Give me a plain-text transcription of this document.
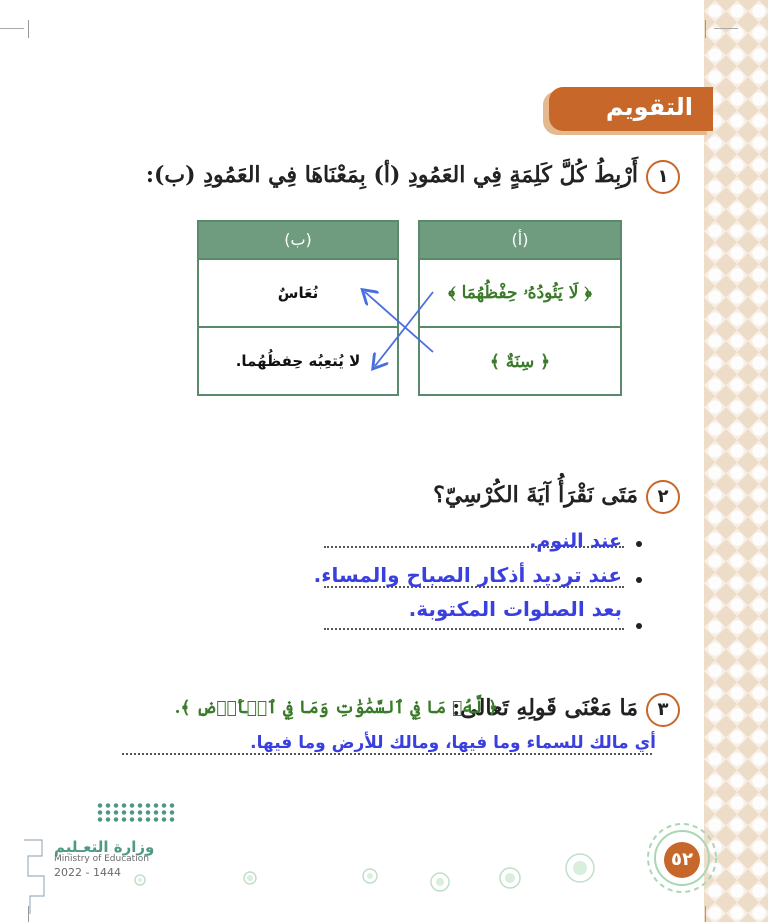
التقويم
١
أَرْبِطُ كُلَّ كَلِمَةٍ فِي العَمُودِ (أ) بِمَعْنَاهَا فِي العَمُودِ (ب):
(أ)
﴿ لَا يَئُودُهُۥ حِفْظُهُمَا ﴾
﴿ سِنَةٌ ﴾
(ب)
نُعَاسٌ
لا يُتعِبُه حِفظُهُما.
٢
مَتَى نَقْرَأُ آيَةَ الكُرْسِيّ؟
عند النوم.
عند ترديد أذكار الصباح والمساء.
بعد الصلوات المكتوبة.
٣
مَا مَعْنَى قَولِهِ تَعالى:
﴿ لَّهُۥ مَا فِي ٱلسَّمَٰوَٰتِ وَمَا فِي ٱلۡأَرۡضِ ﴾.
أي مالك للسماء وما فيها، ومالك للأرض وما فيها.
وزارة التعـليم
Ministry of Education
2022 - 1444
٥٢
